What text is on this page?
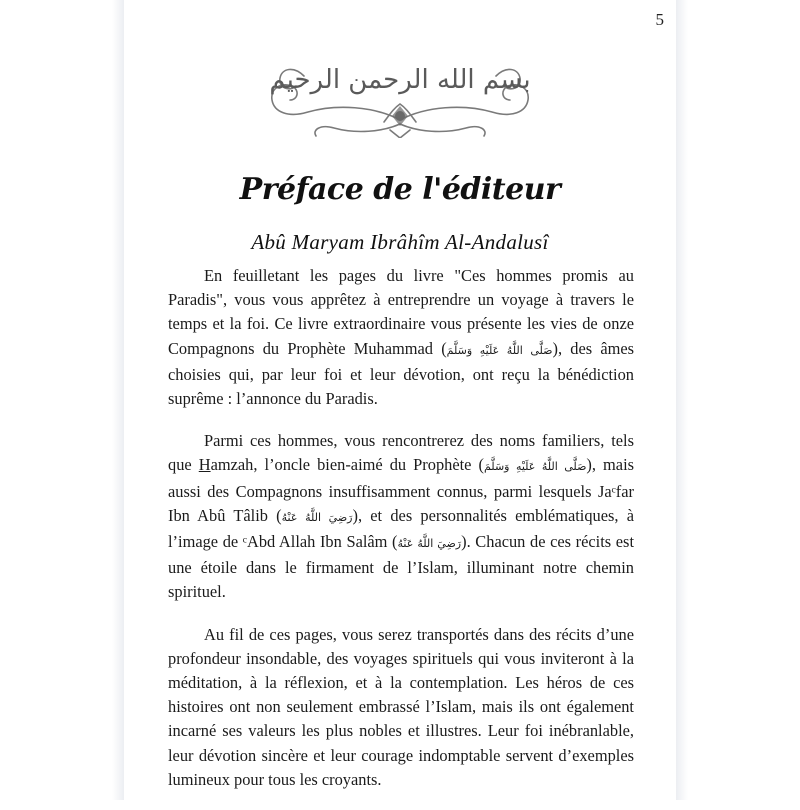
5
بسم الله الرحمن الرحيم
Préface de l'éditeur
Abû Maryam Ibrâhîm Al-Andalusî

En feuilletant les pages du livre "Ces hommes promis au Paradis", vous vous apprêtez à entreprendre un voyage à travers le temps et la foi. Ce livre extraordinaire vous présente les vies de onze Compagnons du Prophète Muhammad (صَلَّى اللَّهُ عَلَيْهِ وَسَلَّمَ), des âmes choisies qui, par leur foi et leur dévotion, ont reçu la bénédiction suprême : l’annonce du Paradis.

Parmi ces hommes, vous rencontrerez des noms familiers, tels que Hamzah, l’oncle bien-aimé du Prophète (صَلَّى اللَّهُ عَلَيْهِ وَسَلَّمَ), mais aussi des Compagnons insuffisamment connus, parmi lesquels Jaᶜfar Ibn Abû Tâlib (رَضِيَ اللَّهُ عَنْهُ), et des personnalités emblématiques, à l’image de ᶜAbd Allah Ibn Salâm (رَضِيَ اللَّهُ عَنْهُ). Chacun de ces récits est une étoile dans le firmament de l’Islam, illuminant notre chemin spirituel.

Au fil de ces pages, vous serez transportés dans des récits d’une profondeur insondable, des voyages spirituels qui vous inviteront à la méditation, à la réflexion, et à la contemplation. Les héros de ces histoires ont non seulement embrassé l’Islam, mais ils ont également incarné ses valeurs les plus nobles et illustres. Leur foi inébranlable, leur dévotion sincère et leur courage indomptable servent d’exemples lumineux pour tous les croyants.
